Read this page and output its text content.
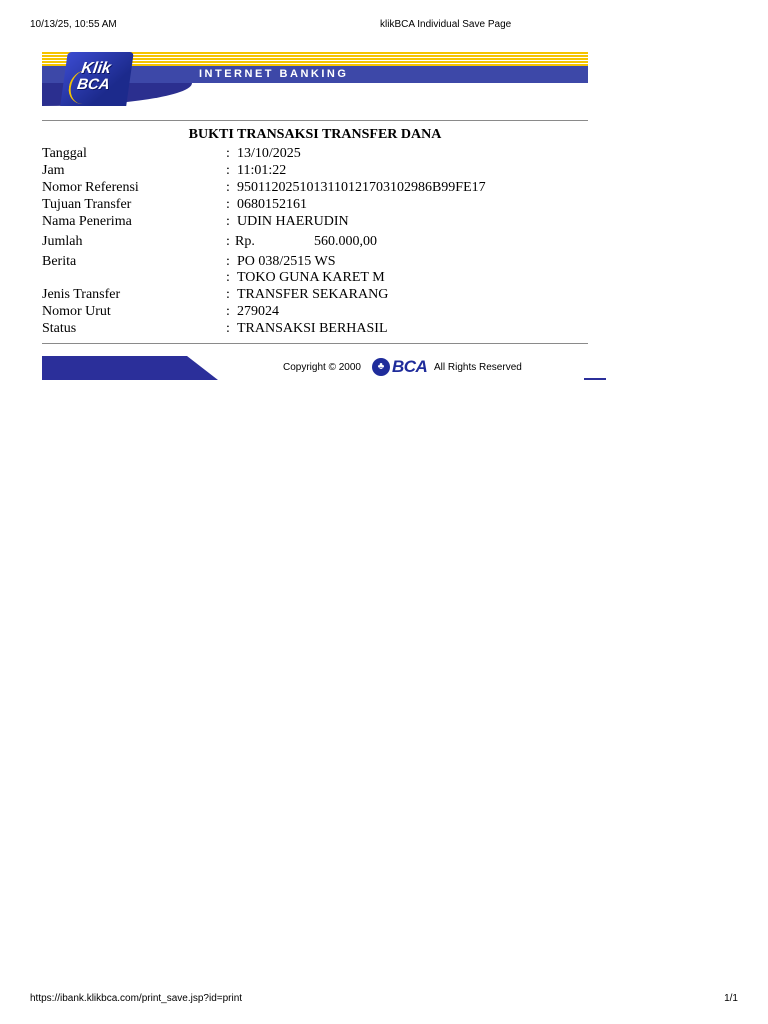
10/13/25, 10:55 AM	klikBCA Individual Save Page
Klik
BCA
INTERNET BANKING
BUKTI TRANSAKSI TRANSFER DANA
Tanggal	: 13/10/2025
Jam	: 11:01:22
Nomor Referensi	: 9501120251013110121703102986B99FE17
Tujuan Transfer	: 0680152161
Nama Penerima	: UDIN HAERUDIN
Jumlah	: Rp.	560.000,00
Berita	: PO 038/2515 WS
: TOKO GUNA KARET M
Jenis Transfer	: TRANSFER SEKARANG
Nomor Urut	: 279024
Status	: TRANSAKSI BERHASIL
Copyright © 2000	♣ BCA All Rights Reserved
https://ibank.klikbca.com/print_save.jsp?id=print	1/1
